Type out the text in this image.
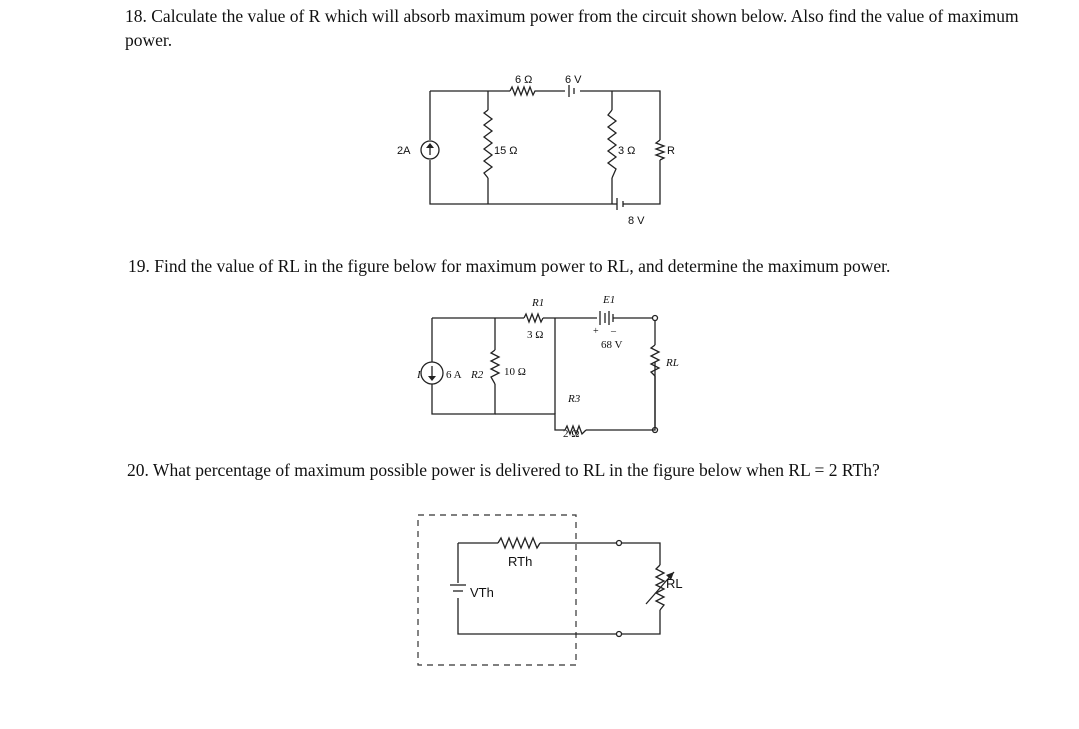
18. Calculate the value of R which will absorb maximum power from the circuit shown below. Also find the value of maximum power.

19. Find the value of RL in the figure below for maximum power to RL, and determine the maximum power.

20. What percentage of maximum possible power is delivered to RL in the figure below when RL = 2 RTh?

2A
6 Ω	6 V
15 Ω	3 Ω	R
8 V
I 6 A R2 10 Ω
R1
3 Ω
E1
+ –
68 V
R3
2 Ω
RL
RTh
VTh
RL
